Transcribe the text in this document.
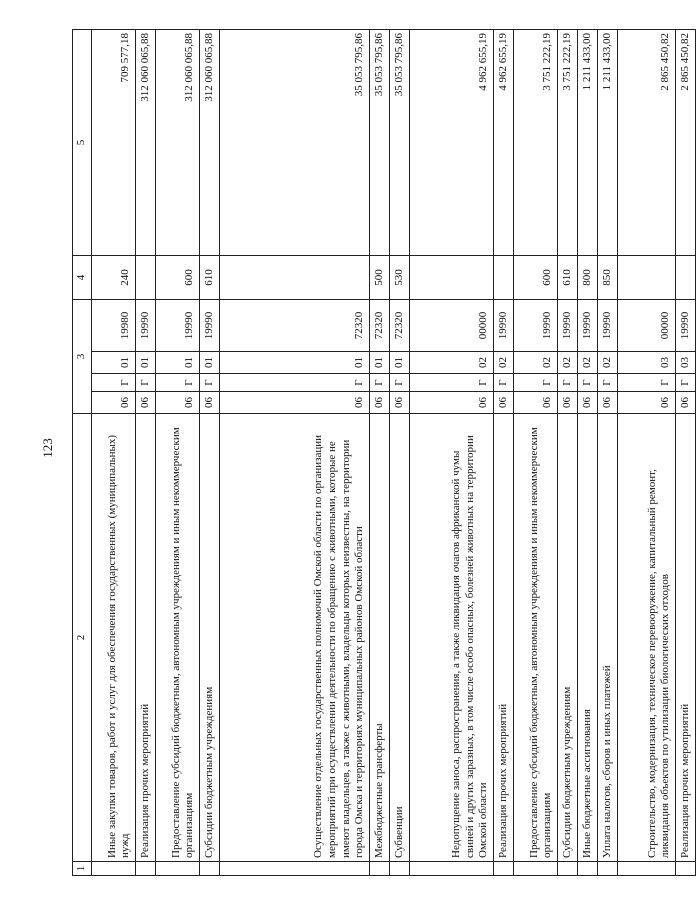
123
1	2	3				4	5
	Иные закупки товаров, работ и услуг для обеспечения государственных (муниципальных) нужд	06	Г	01	19980	240	709 577,18
	Реализация прочих мероприятий	06	Г	01	19990		312 060 065,88
	Предоставление субсидий бюджетным, автономным учреждениям и иным некоммерческим организациям	06	Г	01	19990	600	312 060 065,88
	Субсидии бюджетным учреждениям	06	Г	01	19990	610	312 060 065,88
	Осуществление отдельных государственных полномочий Омской области по организации мероприятий при осуществлении деятельности по обращению с животными, которые не имеют владельцев, а также с животными, владельцы которых неизвестны, на территории города Омска и территориях муниципальных районов Омской области	06	Г	01	72320		35 053 795,86
	Межбюджетные трансферты	06	Г	01	72320	500	35 053 795,86
	Субвенции	06	Г	01	72320	530	35 053 795,86
	Недопущение заноса, распространения, а также ликвидация очагов африканской чумы свиней и других заразных, в том числе особо опасных, болезней животных на территории Омской области	06	Г	02	00000		4 962 655,19
	Реализация прочих мероприятий	06	Г	02	19990		4 962 655,19
	Предоставление субсидий бюджетным, автономным учреждениям и иным некоммерческим организациям	06	Г	02	19990	600	3 751 222,19
	Субсидии бюджетным учреждениям	06	Г	02	19990	610	3 751 222,19
	Иные бюджетные ассигнования	06	Г	02	19990	800	1 211 433,00
	Уплата налогов, сборов и иных платежей	06	Г	02	19990	850	1 211 433,00
	Строительство, модернизация, техническое перевооружение, капитальный ремонт, ликвидация объектов по утилизации биологических отходов	06	Г	03	00000		2 865 450,82
	Реализация прочих мероприятий	06	Г	03	19990		2 865 450,82
